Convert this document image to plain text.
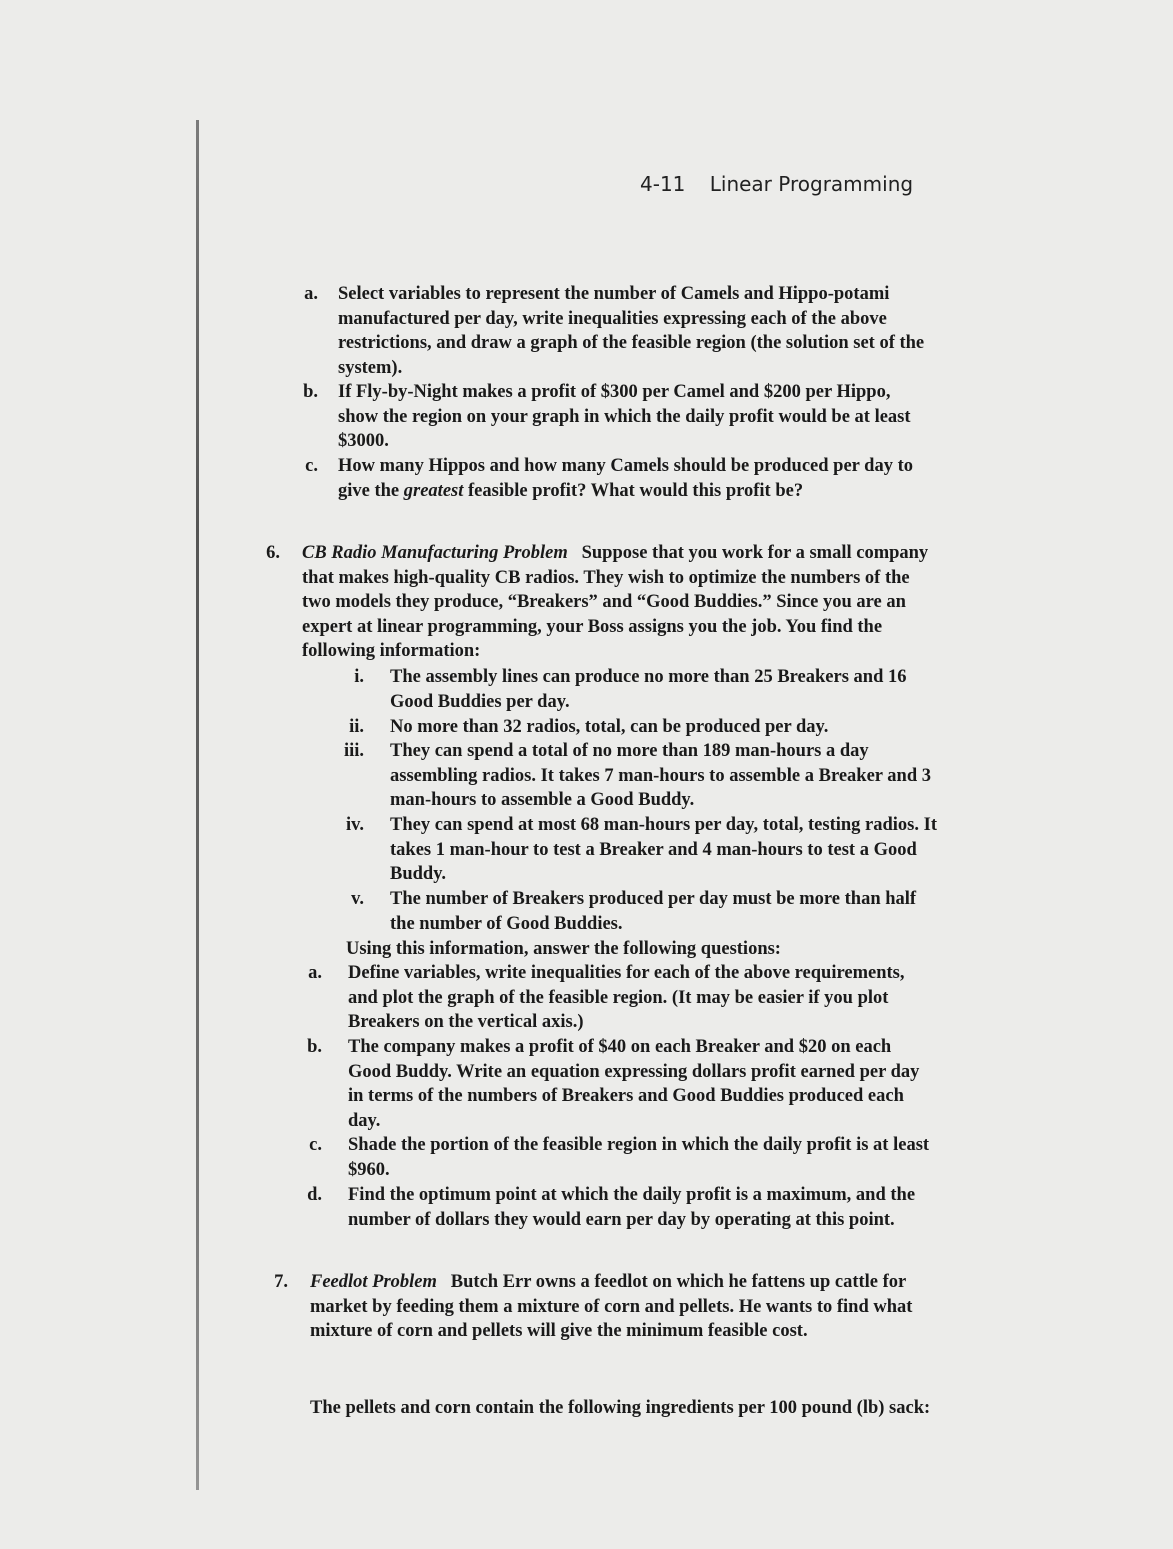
4-11 Linear Programming
a. Select variables to represent the number of Camels and Hippo-potami manufactured per day, write inequalities expressing each of the above restrictions, and draw a graph of the feasible region (the solution set of the system).
b. If Fly-by-Night makes a profit of $300 per Camel and $200 per Hippo, show the region on your graph in which the daily profit would be at least $3000.
c. How many Hippos and how many Camels should be produced per day to give the greatest feasible profit? What would this profit be?
6. CB Radio Manufacturing Problem Suppose that you work for a small company that makes high-quality CB radios. They wish to optimize the numbers of the two models they produce, “Breakers” and “Good Buddies.” Since you are an expert at linear programming, your Boss assigns you the job. You find the following information:
i. The assembly lines can produce no more than 25 Breakers and 16 Good Buddies per day.
ii. No more than 32 radios, total, can be produced per day.
iii. They can spend a total of no more than 189 man-hours a day assembling radios. It takes 7 man-hours to assemble a Breaker and 3 man-hours to assemble a Good Buddy.
iv. They can spend at most 68 man-hours per day, total, testing radios. It takes 1 man-hour to test a Breaker and 4 man-hours to test a Good Buddy.
v. The number of Breakers produced per day must be more than half the number of Good Buddies.
Using this information, answer the following questions:
a. Define variables, write inequalities for each of the above requirements, and plot the graph of the feasible region. (It may be easier if you plot Breakers on the vertical axis.)
b. The company makes a profit of $40 on each Breaker and $20 on each Good Buddy. Write an equation expressing dollars profit earned per day in terms of the numbers of Breakers and Good Buddies produced each day.
c. Shade the portion of the feasible region in which the daily profit is at least $960.
d. Find the optimum point at which the daily profit is a maximum, and the number of dollars they would earn per day by operating at this point.
7. Feedlot Problem Butch Err owns a feedlot on which he fattens up cattle for market by feeding them a mixture of corn and pellets. He wants to find what mixture of corn and pellets will give the minimum feasible cost.
The pellets and corn contain the following ingredients per 100 pound (lb) sack:
